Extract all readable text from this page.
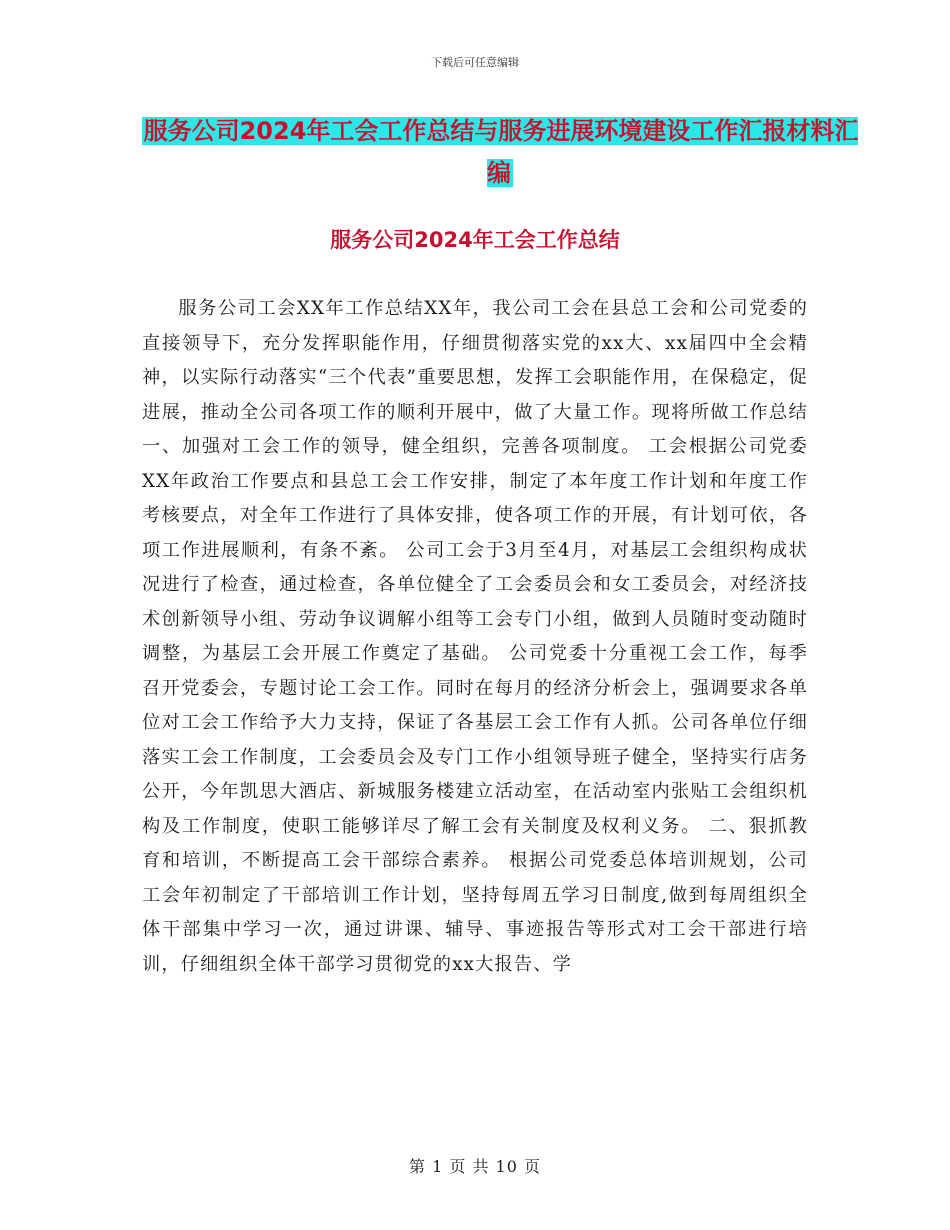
下载后可任意编辑
服务公司2024年工会工作总结与服务进展环境建设工作汇报材料汇编
服务公司2024年工会工作总结

服务公司工会XX年工作总结XX年，我公司工会在县总工会和公司党委的直接领导下，充分发挥职能作用，仔细贯彻落实党的xx大、xx届四中全会精神，以实际行动落实“三个代表”重要思想，发挥工会职能作用，在保稳定，促进展，推动全公司各项工作的顺利开展中，做了大量工作。现将所做工作总结 一、加强对工会工作的领导，健全组织，完善各项制度。 工会根据公司党委XX年政治工作要点和县总工会工作安排，制定了本年度工作计划和年度工作考核要点，对全年工作进行了具体安排，使各项工作的开展，有计划可依，各项工作进展顺利，有条不紊。 公司工会于3月至4月，对基层工会组织构成状况进行了检查，通过检查，各单位健全了工会委员会和女工委员会，对经济技术创新领导小组、劳动争议调解小组等工会专门小组，做到人员随时变动随时调整，为基层工会开展工作奠定了基础。 公司党委十分重视工会工作，每季召开党委会，专题讨论工会工作。同时在每月的经济分析会上，强调要求各单位对工会工作给予大力支持，保证了各基层工会工作有人抓。公司各单位仔细落实工会工作制度，工会委员会及专门工作小组领导班子健全，坚持实行店务公开，今年凯思大酒店、新城服务楼建立活动室，在活动室内张贴工会组织机构及工作制度，使职工能够详尽了解工会有关制度及权利义务。 二、狠抓教育和培训，不断提高工会干部综合素养。 根据公司党委总体培训规划，公司工会年初制定了干部培训工作计划，坚持每周五学习日制度,做到每周组织全体干部集中学习一次，通过讲课、辅导、事迹报告等形式对工会干部进行培训，仔细组织全体干部学习贯彻党的xx大报告、学

第 1 页 共 10 页
